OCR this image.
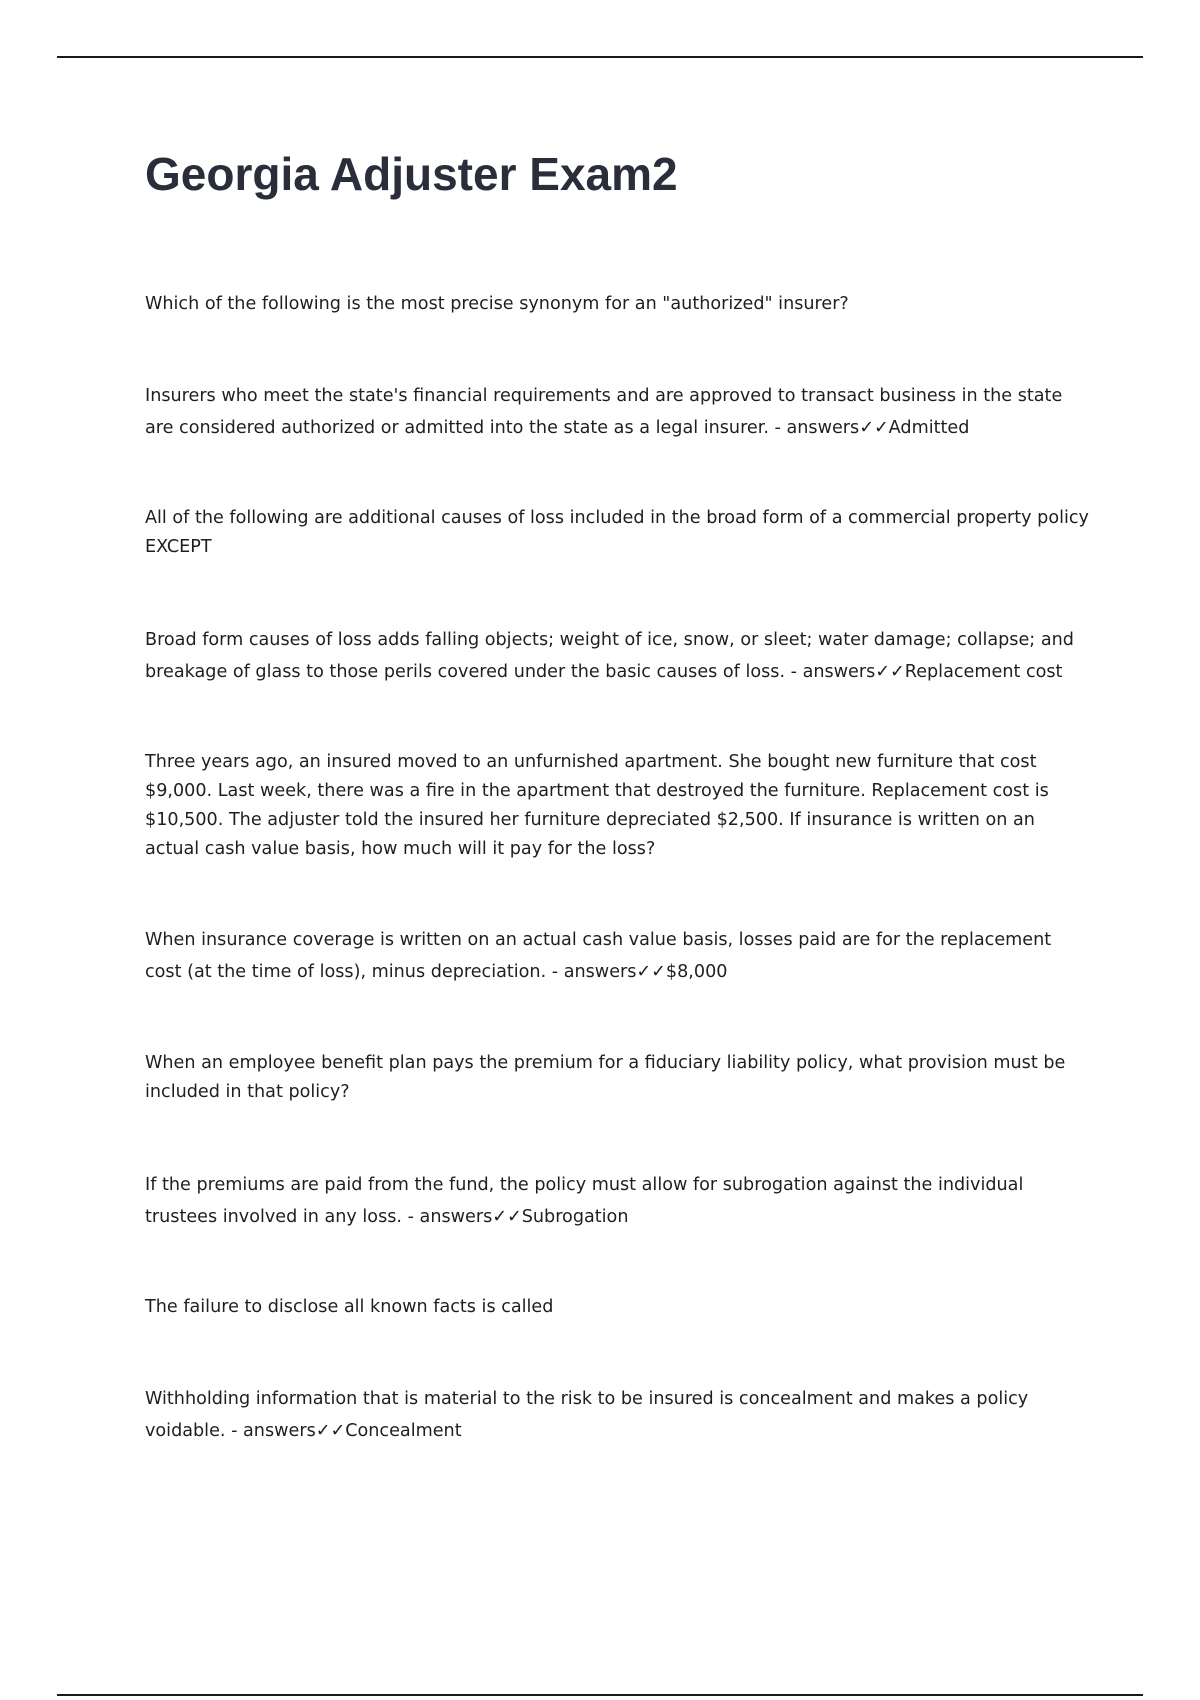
Georgia Adjuster Exam2

Which of the following is the most precise synonym for an "authorized" insurer?

Insurers who meet the state's financial requirements and are approved to transact business in the state are considered authorized or admitted into the state as a legal insurer. - answers✓✓Admitted

All of the following are additional causes of loss included in the broad form of a commercial property policy EXCEPT

Broad form causes of loss adds falling objects; weight of ice, snow, or sleet; water damage; collapse; and breakage of glass to those perils covered under the basic causes of loss. - answers✓✓Replacement cost

Three years ago, an insured moved to an unfurnished apartment. She bought new furniture that cost $9,000. Last week, there was a fire in the apartment that destroyed the furniture. Replacement cost is $10,500. The adjuster told the insured her furniture depreciated $2,500. If insurance is written on an actual cash value basis, how much will it pay for the loss?

When insurance coverage is written on an actual cash value basis, losses paid are for the replacement cost (at the time of loss), minus depreciation. - answers✓✓$8,000

When an employee benefit plan pays the premium for a fiduciary liability policy, what provision must be included in that policy?

If the premiums are paid from the fund, the policy must allow for subrogation against the individual trustees involved in any loss. - answers✓✓Subrogation

The failure to disclose all known facts is called

Withholding information that is material to the risk to be insured is concealment and makes a policy voidable. - answers✓✓Concealment
